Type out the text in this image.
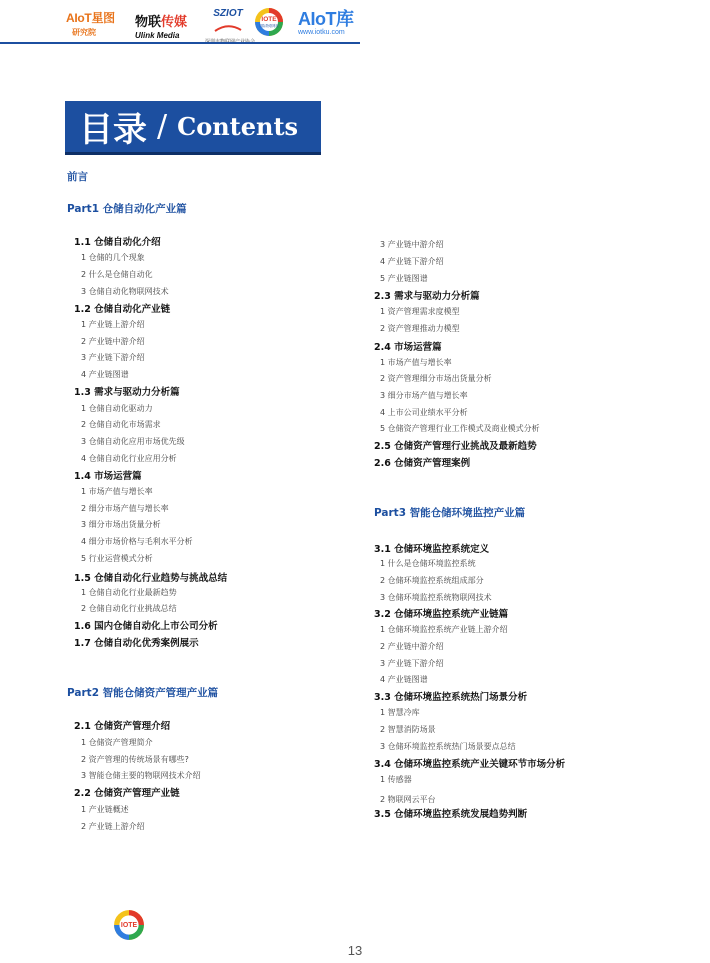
AIoT星图
研究院
物联传媒
Ulink Media
SZIOT
IOTE
国际物联网展 AIoT库
www.iotku.com
目录 / Contents
前言
Part1 仓储自动化产业篇
1.1 仓储自动化介绍
1 仓储的几个现象
2 什么是仓储自动化
3 仓储自动化物联网技术
1.2 仓储自动化产业链
1 产业链上游介绍
2 产业链中游介绍
3 产业链下游介绍
4 产业链图谱
1.3 需求与驱动力分析篇
1 仓储自动化驱动力
2 仓储自动化市场需求
3 仓储自动化应用市场优先级
4 仓储自动化行业应用分析
1.4 市场运营篇
1 市场产值与增长率
2 细分市场产值与增长率
3 细分市场出货量分析
4 细分市场价格与毛利水平分析
5 行业运营模式分析
1.5 仓储自动化行业趋势与挑战总结
1 仓储自动化行业最新趋势
2 仓储自动化行业挑战总结
1.6 国内仓储自动化上市公司分析
1.7 仓储自动化优秀案例展示
Part2 智能仓储资产管理产业篇
2.1 仓储资产管理介绍
1 仓储资产管理简介
2 资产管理的传统场景有哪些?
3 智能仓储主要的物联网技术介绍
2.2 仓储资产管理产业链
1 产业链概述
2 产业链上游介绍
3 产业链中游介绍
4 产业链下游介绍
5 产业链图谱
2.3 需求与驱动力分析篇
1 资产管理需求度模型
2 资产管理推动力模型
2.4 市场运营篇
1 市场产值与增长率
2 资产管理细分市场出货量分析
3 细分市场产值与增长率
4 上市公司业绩水平分析
5 仓储资产管理行业工作模式及商业模式分析
2.5 仓储资产管理行业挑战及最新趋势
2.6 仓储资产管理案例
Part3 智能仓储环境监控产业篇
3.1 仓储环境监控系统定义
1 什么是仓储环境监控系统
2 仓储环境监控系统组成部分
3 仓储环境监控系统物联网技术
3.2 仓储环境监控系统产业链篇
1 仓储环境监控系统产业链上游介绍
2 产业链中游介绍
3 产业链下游介绍
4 产业链图谱
3.3 仓储环境监控系统热门场景分析
1 智慧冷库
2 智慧消防场景
3 仓储环境监控系统热门场景要点总结
3.4 仓储环境监控系统产业关键环节市场分析
1 传感器
2 物联网云平台
3.5 仓储环境监控系统发展趋势判断
IOTE
13
